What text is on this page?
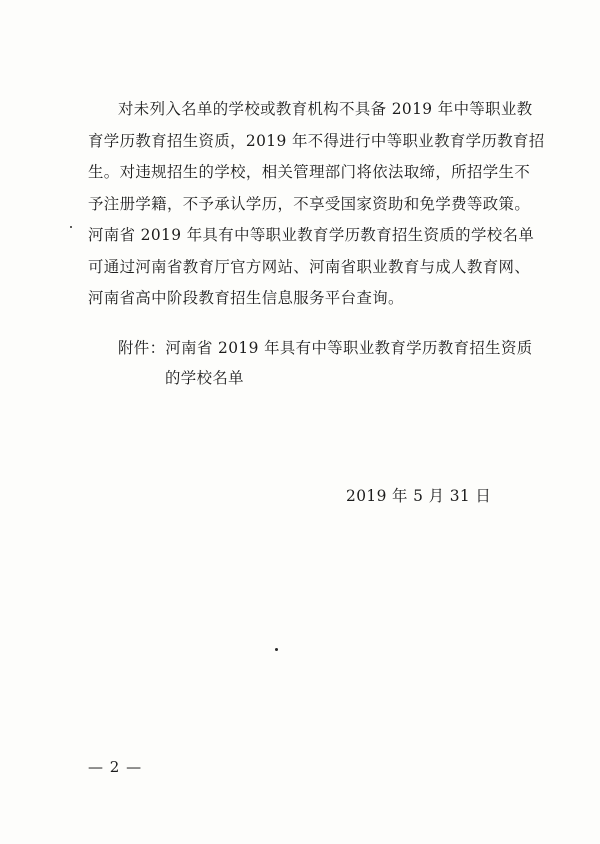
对未列入名单的学校或教育机构不具备 2019 年中等职业教
育学历教育招生资质，2019 年不得进行中等职业教育学历教育招
生。对违规招生的学校，相关管理部门将依法取缔，所招学生不
予注册学籍，不予承认学历，不享受国家资助和免学费等政策。
河南省 2019 年具有中等职业教育学历教育招生资质的学校名单
可通过河南省教育厅官方网站、河南省职业教育与成人教育网、
河南省高中阶段教育招生信息服务平台查询。
附件：河南省 2019 年具有中等职业教育学历教育招生资质
的学校名单
2019 年 5 月 31 日
— 2 —
